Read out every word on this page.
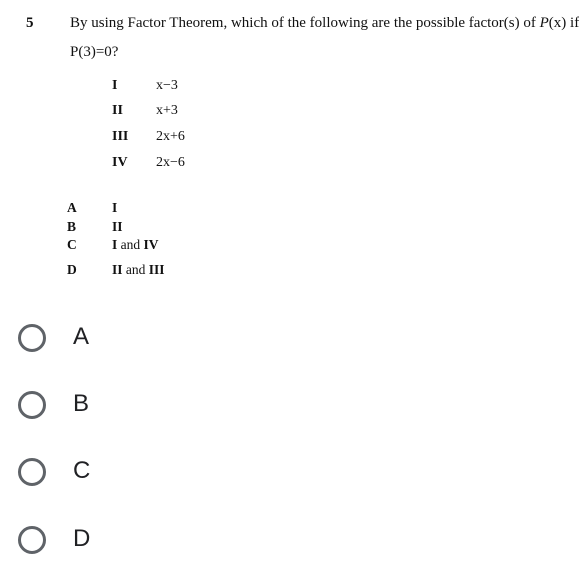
5 By using Factor Theorem, which of the following are the possible factor(s) of P(x) if
P(3)=0?
I	x−3
II x+3
III 2x+6
IV 2x−6
A	I
B	II
C	I and IV
D	II and III
A
B
C
D
